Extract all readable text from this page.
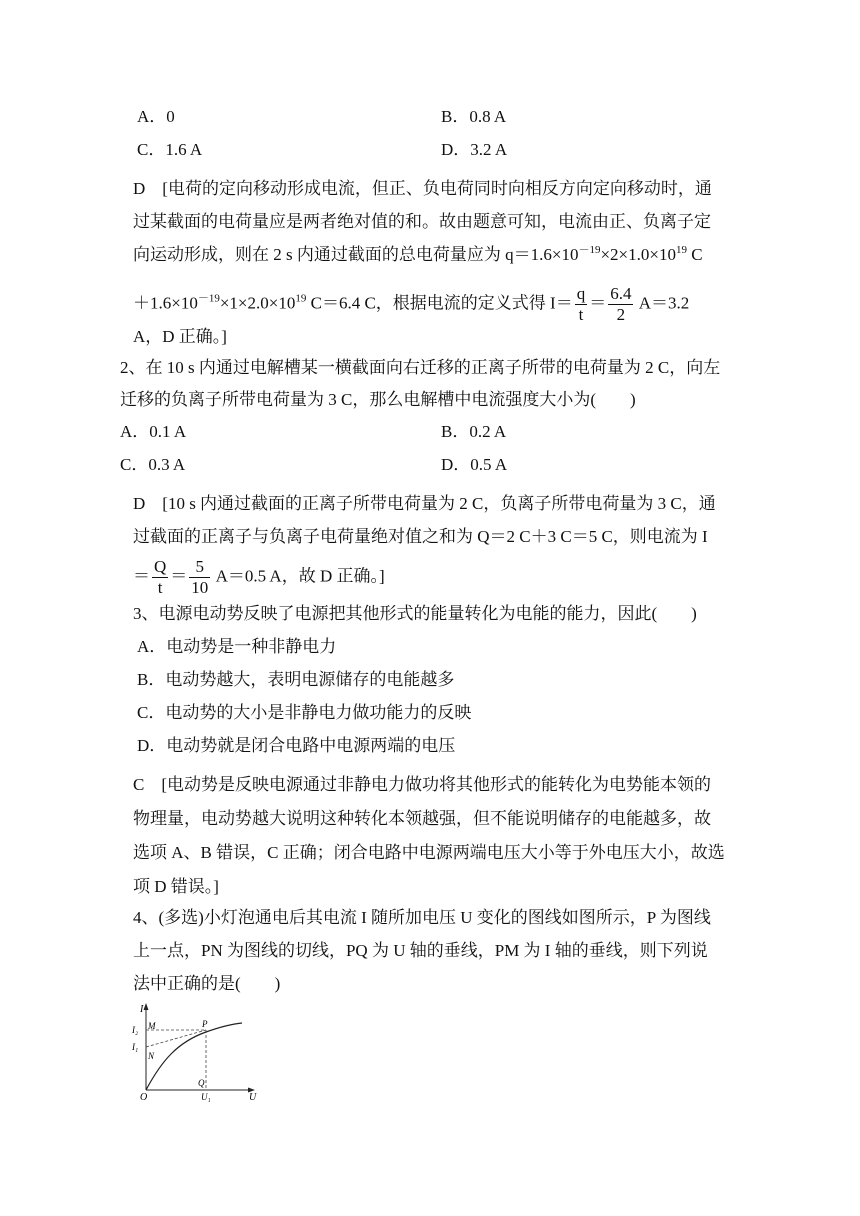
A．0	B．0.8 A
C．1.6 A	D．3.2 A
D　[电荷的定向移动形成电流，但正、负电荷同时向相反方向定向移动时，通
过某截面的电荷量应是两者绝对值的和。故由题意可知，电流由正、负离子定
向运动形成，则在 2 s 内通过截面的总电荷量应为 $q=1.6\times 10^{-19}\times 2\times 1.0\times 10^{19}$ C
$+1.6\times 10^{-19}\times 1\times 2.0\times 10^{19}$ C＝6.4 C，根据电流的定义式得 $I= \frac{q}{t} = \frac{6.4}{2} A=3.2$
A，D 正确。]
2、在 10 s 内通过电解槽某一横截面向右迁移的正离子所带的电荷量为 2 C，向左
迁移的负离子所带电荷量为 3 C，那么电解槽中电流强度大小为(　　)
A．0.1 A	B．0.2 A
C．0.3 A	D．0.5 A
D　[10 s 内通过截面的正离子所带电荷量为 2 C，负离子所带电荷量为 3 C，通
过截面的正离子与负离子电荷量绝对值之和为 Q＝2 C＋3 C＝5 C，则电流为 I
＝ $\frac{Q}{t} = \frac{5}{10} A=0.5$ A，故 D 正确。]
3、电源电动势反映了电源把其他形式的能量转化为电能的能力，因此(　　)
A．电动势是一种非静电力
B．电动势越大，表明电源储存的电能越多
C．电动势的大小是非静电力做功能力的反映
D．电动势就是闭合电路中电源两端的电压
C　[电动势是反映电源通过非静电力做功将其他形式的能转化为电势能本领的
物理量，电动势越大说明这种转化本领越强，但不能说明储存的电能越多，故
选项 A、B 错误，C 正确；闭合电路中电源两端电压大小等于外电压大小，故选
项 D 错误。]
4、(多选)小灯泡通电后其电流 I 随所加电压 U 变化的图线如图所示，P 为图线
上一点，PN 为图线的切线，PQ 为 U 轴的垂线，PM 为 I 轴的垂线，则下列说
法中正确的是(　　)
I
I₂ M
I₁
N
P
Q
O	U₁	U
